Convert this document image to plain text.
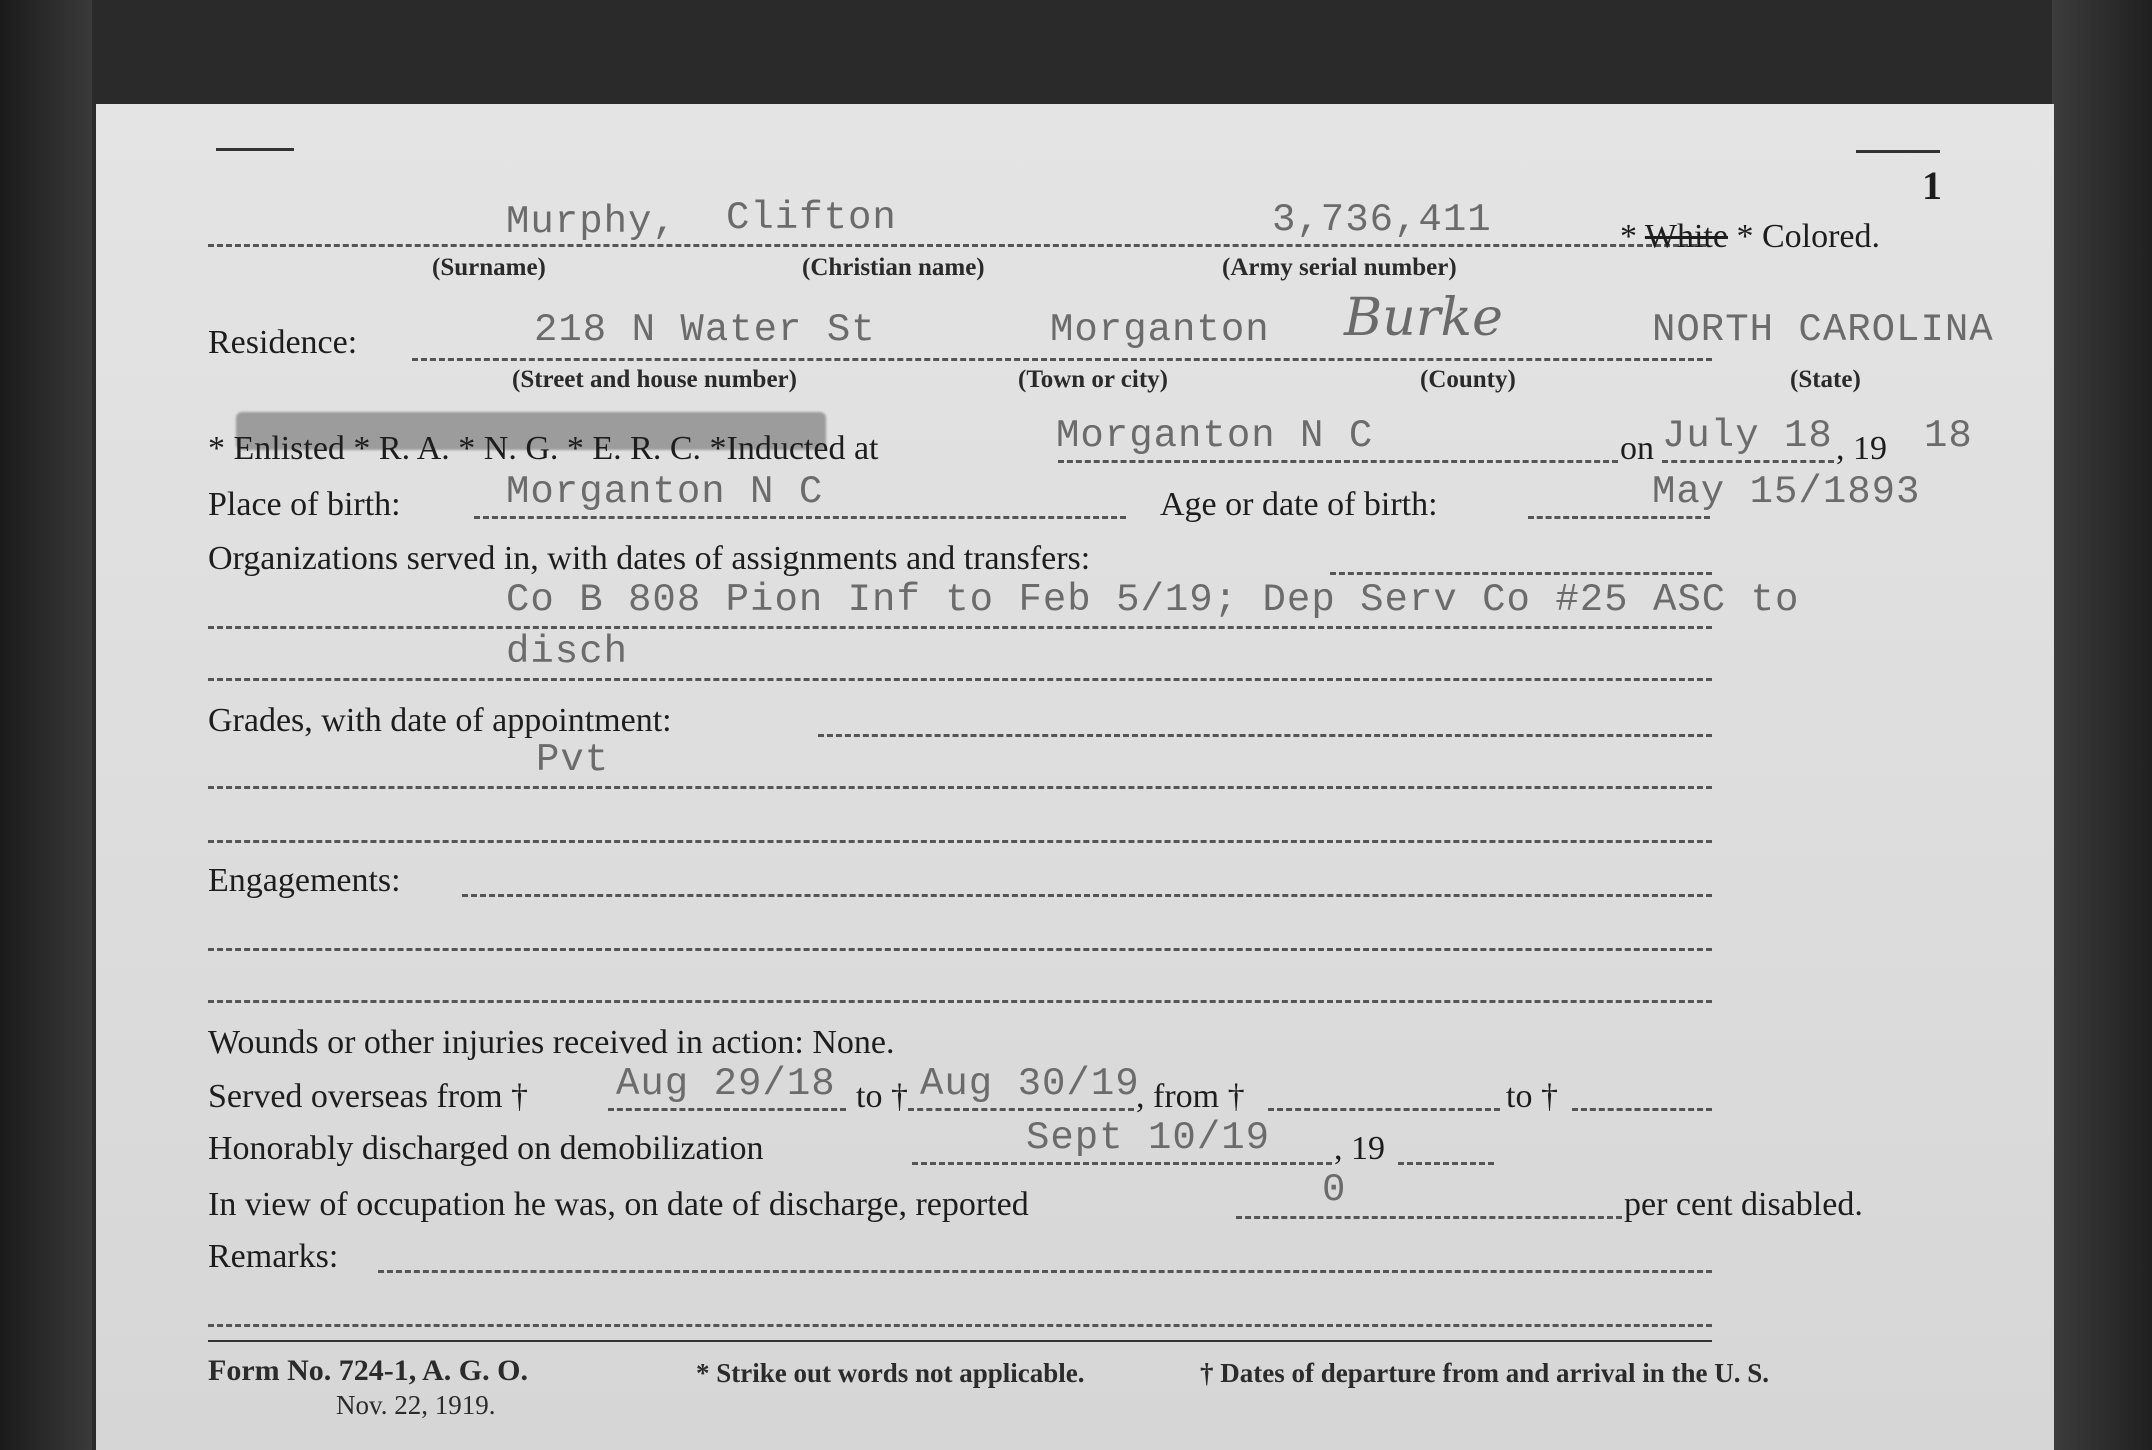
1
Murphy, Clifton	3,736,411	* White * Colored.
(Surname)	(Christian name)	(Army serial number)
Residence:	218 N Water St	Morganton Burke	NORTH CAROLINA
(Street and house number)	(Town or city)	(County)	(State)
* Enlisted * R. A. * N. G. * E. R. C. *Inducted at	Morganton N C	on July 18 , 19 18
Place of birth:	Morganton N C	Age or date of birth:	May 15/1893
Organizations served in, with dates of assignments and transfers:
Co B 808 Pion Inf to Feb 5/19; Dep Serv Co #25 ASC to
disch
Grades, with date of appointment:
Pvt
Engagements:
Wounds or other injuries received in action: None.
Served overseas from † Aug 29/18 to † Aug 30/19
, from †	to †
Honorably discharged on demobilization	Sept 10/19 , 19
In view of occupation he was, on date of discharge, reported	0	per cent disabled.
Remarks:
Form No. 724-1, A. G. O.
Nov. 22, 1919.
* Strike out words not applicable.	† Dates of departure from and arrival in the U. S.
